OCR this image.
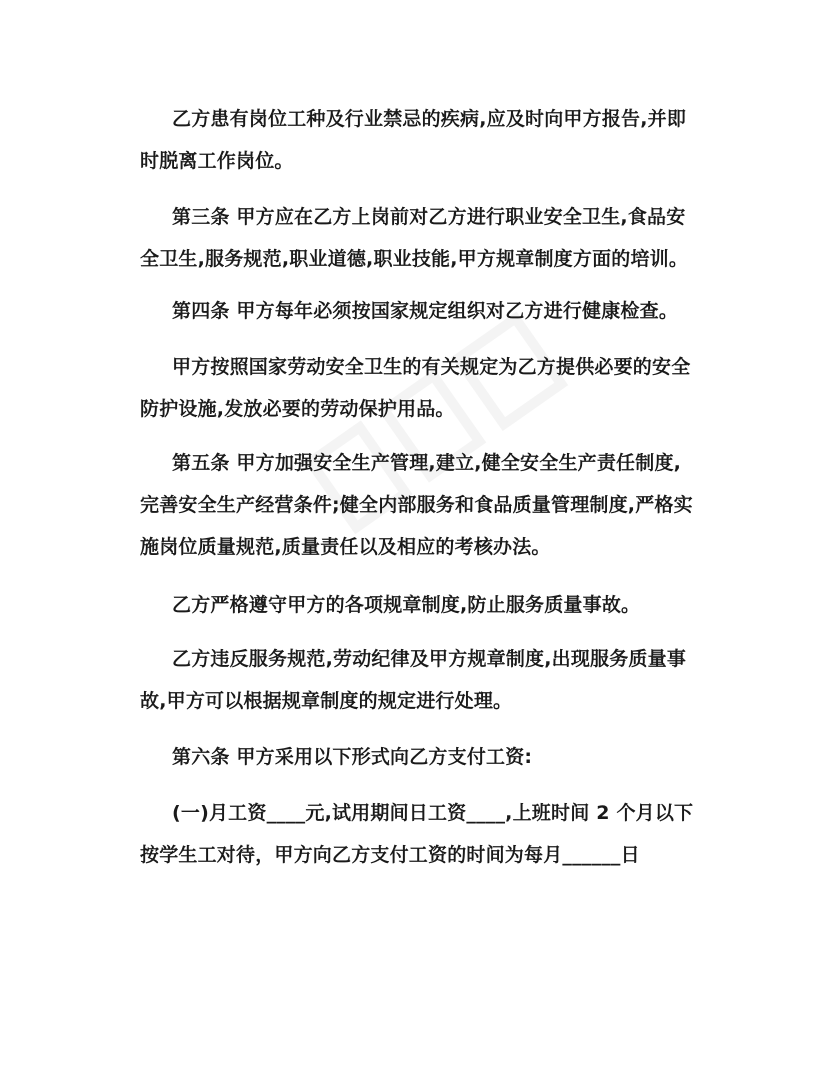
乙方患有岗位工种及行业禁忌的疾病,应及时向甲方报告,并即时脱离工作岗位。

第三条 甲方应在乙方上岗前对乙方进行职业安全卫生,食品安全卫生,服务规范,职业道德,职业技能,甲方规章制度方面的培训。

第四条 甲方每年必须按国家规定组织对乙方进行健康检查。

甲方按照国家劳动安全卫生的有关规定为乙方提供必要的安全防护设施,发放必要的劳动保护用品。

第五条 甲方加强安全生产管理,建立,健全安全生产责任制度,完善安全生产经营条件;健全内部服务和食品质量管理制度,严格实施岗位质量规范,质量责任以及相应的考核办法。

乙方严格遵守甲方的各项规章制度,防止服务质量事故。

乙方违反服务规范,劳动纪律及甲方规章制度,出现服务质量事故,甲方可以根据规章制度的规定进行处理。

第六条 甲方采用以下形式向乙方支付工资:

(一)月工资____元,试用期间日工资____,上班时间 2 个月以下按学生工对待，甲方向乙方支付工资的时间为每月______日
